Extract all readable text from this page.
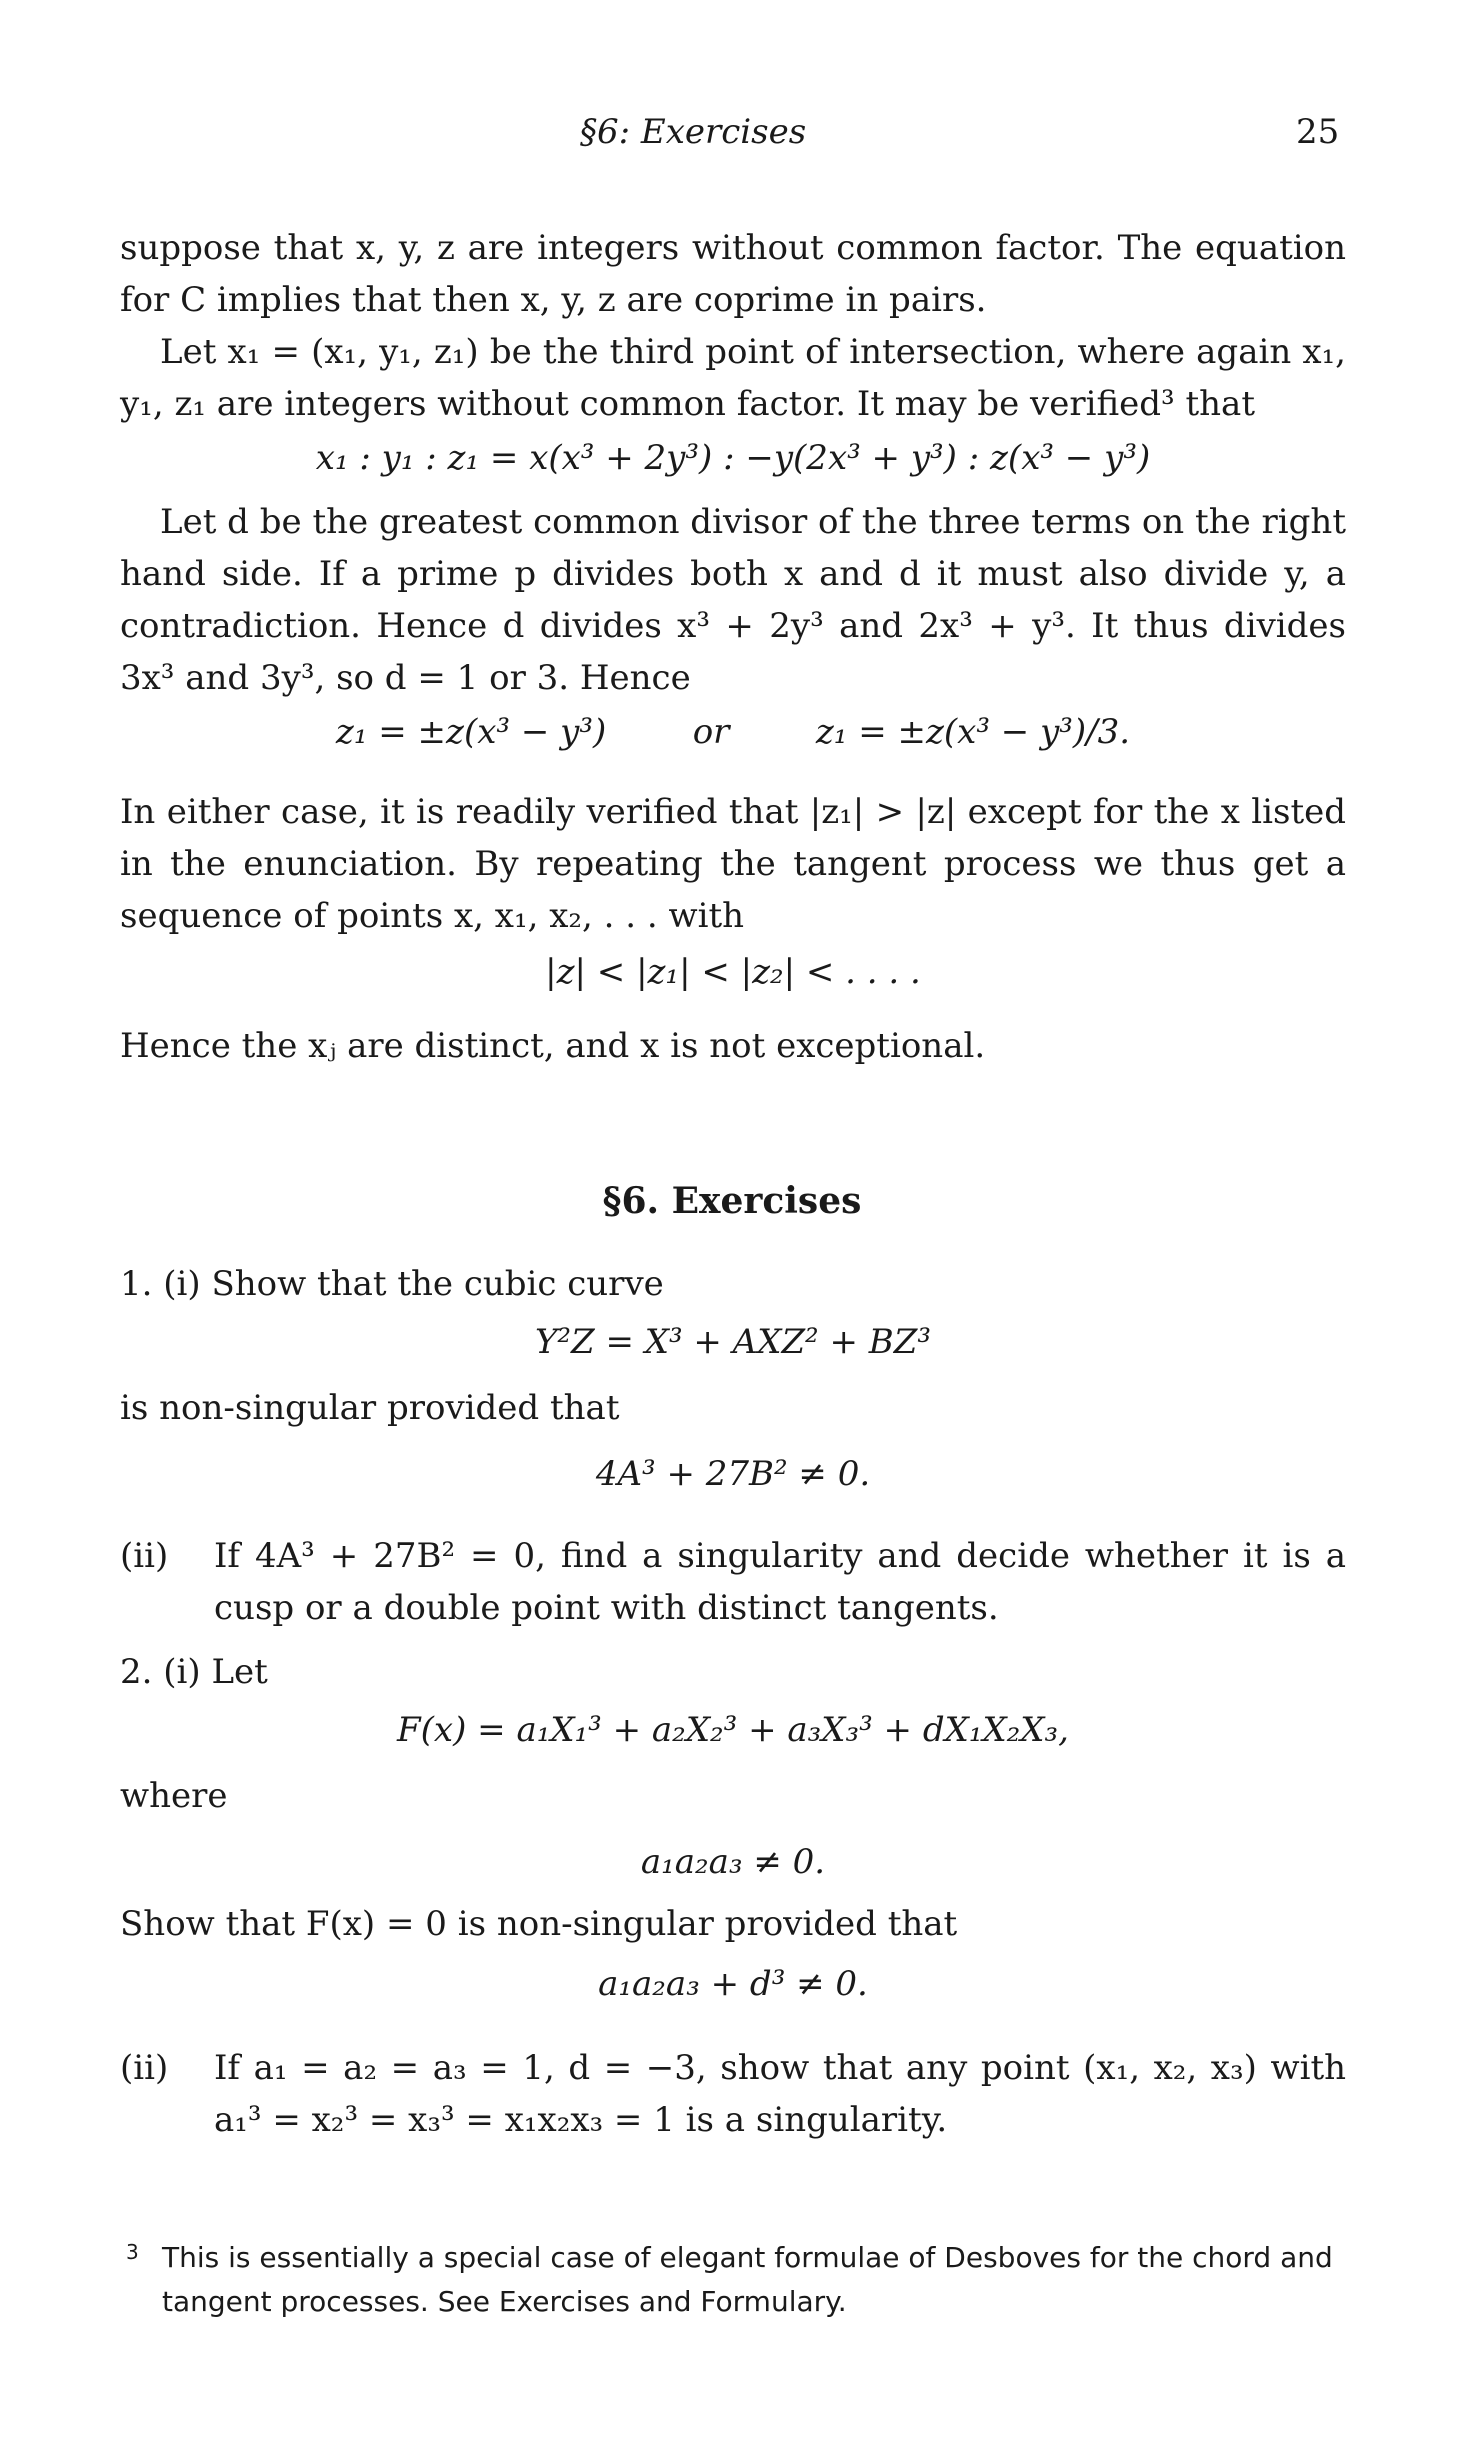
§6: Exercises	25
suppose that x, y, z are integers without common factor. The equation for C implies that then x, y, z are coprime in pairs.
Let x₁ = (x₁, y₁, z₁) be the third point of intersection, where again x₁, y₁, z₁ are integers without common factor. It may be verified³ that
x₁ : y₁ : z₁ = x(x³ + 2y³) : −y(2x³ + y³) : z(x³ − y³)
Let d be the greatest common divisor of the three terms on the right hand side. If a prime p divides both x and d it must also divide y, a contradiction. Hence d divides x³ + 2y³ and 2x³ + y³. It thus divides 3x³ and 3y³, so d = 1 or 3. Hence
z₁ = ±z(x³ − y³)        or        z₁ = ±z(x³ − y³)/3.
In either case, it is readily verified that |z₁| > |z| except for the x listed in the enunciation. By repeating the tangent process we thus get a sequence of points x, x₁, x₂, . . . with
|z| < |z₁| < |z₂| < . . . .
Hence the xⱼ are distinct, and x is not exceptional.
§6. Exercises
1. (i) Show that the cubic curve
Y²Z = X³ + AXZ² + BZ³
is non-singular provided that
4A³ + 27B² ≠ 0.
(ii) If 4A³ + 27B² = 0, find a singularity and decide whether it is a cusp or a double point with distinct tangents.
2. (i) Let
F(x) = a₁X₁³ + a₂X₂³ + a₃X₃³ + dX₁X₂X₃,
where
a₁a₂a₃ ≠ 0.
Show that F(x) = 0 is non-singular provided that
a₁a₂a₃ + d³ ≠ 0.
(ii) If a₁ = a₂ = a₃ = 1, d = −3, show that any point (x₁, x₂, x₃) with a₁³ = x₂³ = x₃³ = x₁x₂x₃ = 1 is a singularity.
3 This is essentially a special case of elegant formulae of Desboves for the chord and tangent processes. See Exercises and Formulary.
